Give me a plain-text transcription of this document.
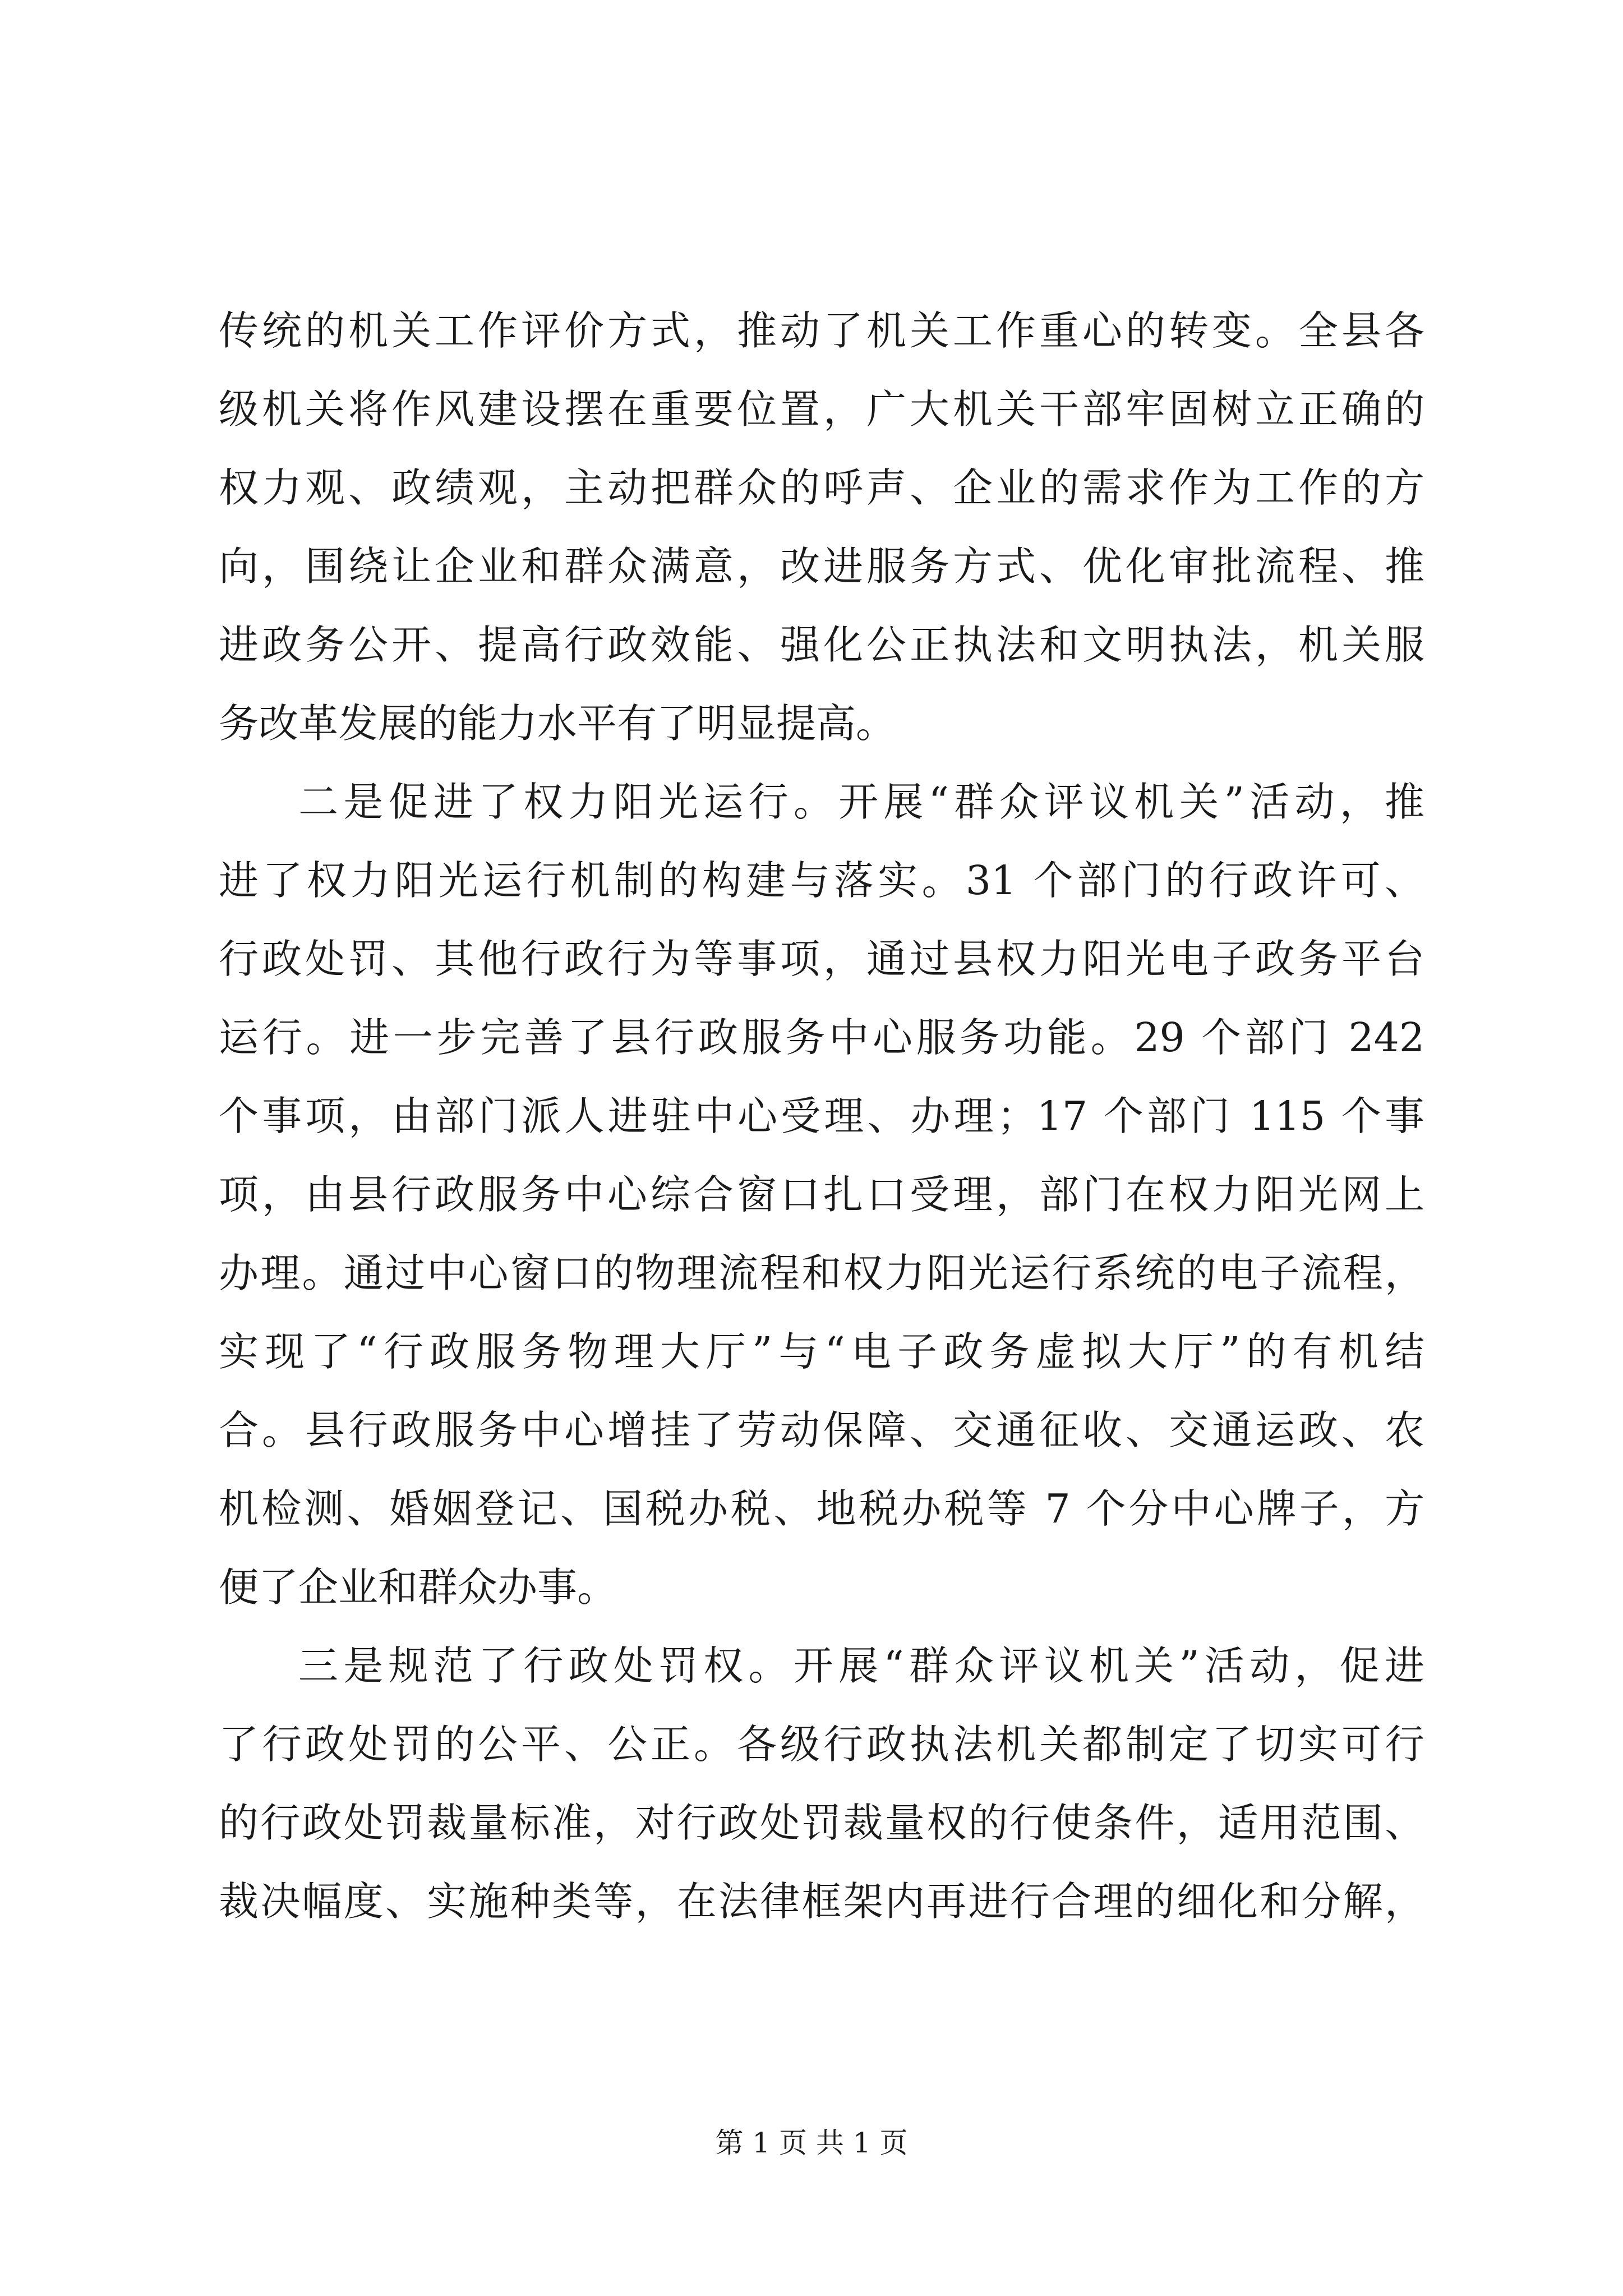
传统的机关工作评价方式，推动了机关工作重心的转变。全县各
级机关将作风建设摆在重要位置，广大机关干部牢固树立正确的
权力观、政绩观，主动把群众的呼声、企业的需求作为工作的方
向，围绕让企业和群众满意，改进服务方式、优化审批流程、推
进政务公开、提高行政效能、强化公正执法和文明执法，机关服
务改革发展的能力水平有了明显提高。
二是促进了权力阳光运行。开展“群众评议机关”活动，推
进了权力阳光运行机制的构建与落实。31 个部门的行政许可、
行政处罚、其他行政行为等事项，通过县权力阳光电子政务平台
运行。进一步完善了县行政服务中心服务功能。29 个部门 242
个事项，由部门派人进驻中心受理、办理；17 个部门 115 个事
项，由县行政服务中心综合窗口扎口受理，部门在权力阳光网上
办理。通过中心窗口的物理流程和权力阳光运行系统的电子流程，
实现了“行政服务物理大厅”与“电子政务虚拟大厅”的有机结
合。县行政服务中心增挂了劳动保障、交通征收、交通运政、农
机检测、婚姻登记、国税办税、地税办税等 7 个分中心牌子，方
便了企业和群众办事。
三是规范了行政处罚权。开展“群众评议机关”活动，促进
了行政处罚的公平、公正。各级行政执法机关都制定了切实可行
的行政处罚裁量标准，对行政处罚裁量权的行使条件，适用范围、
裁决幅度、实施种类等，在法律框架内再进行合理的细化和分解，
第 1 页 共 1 页
